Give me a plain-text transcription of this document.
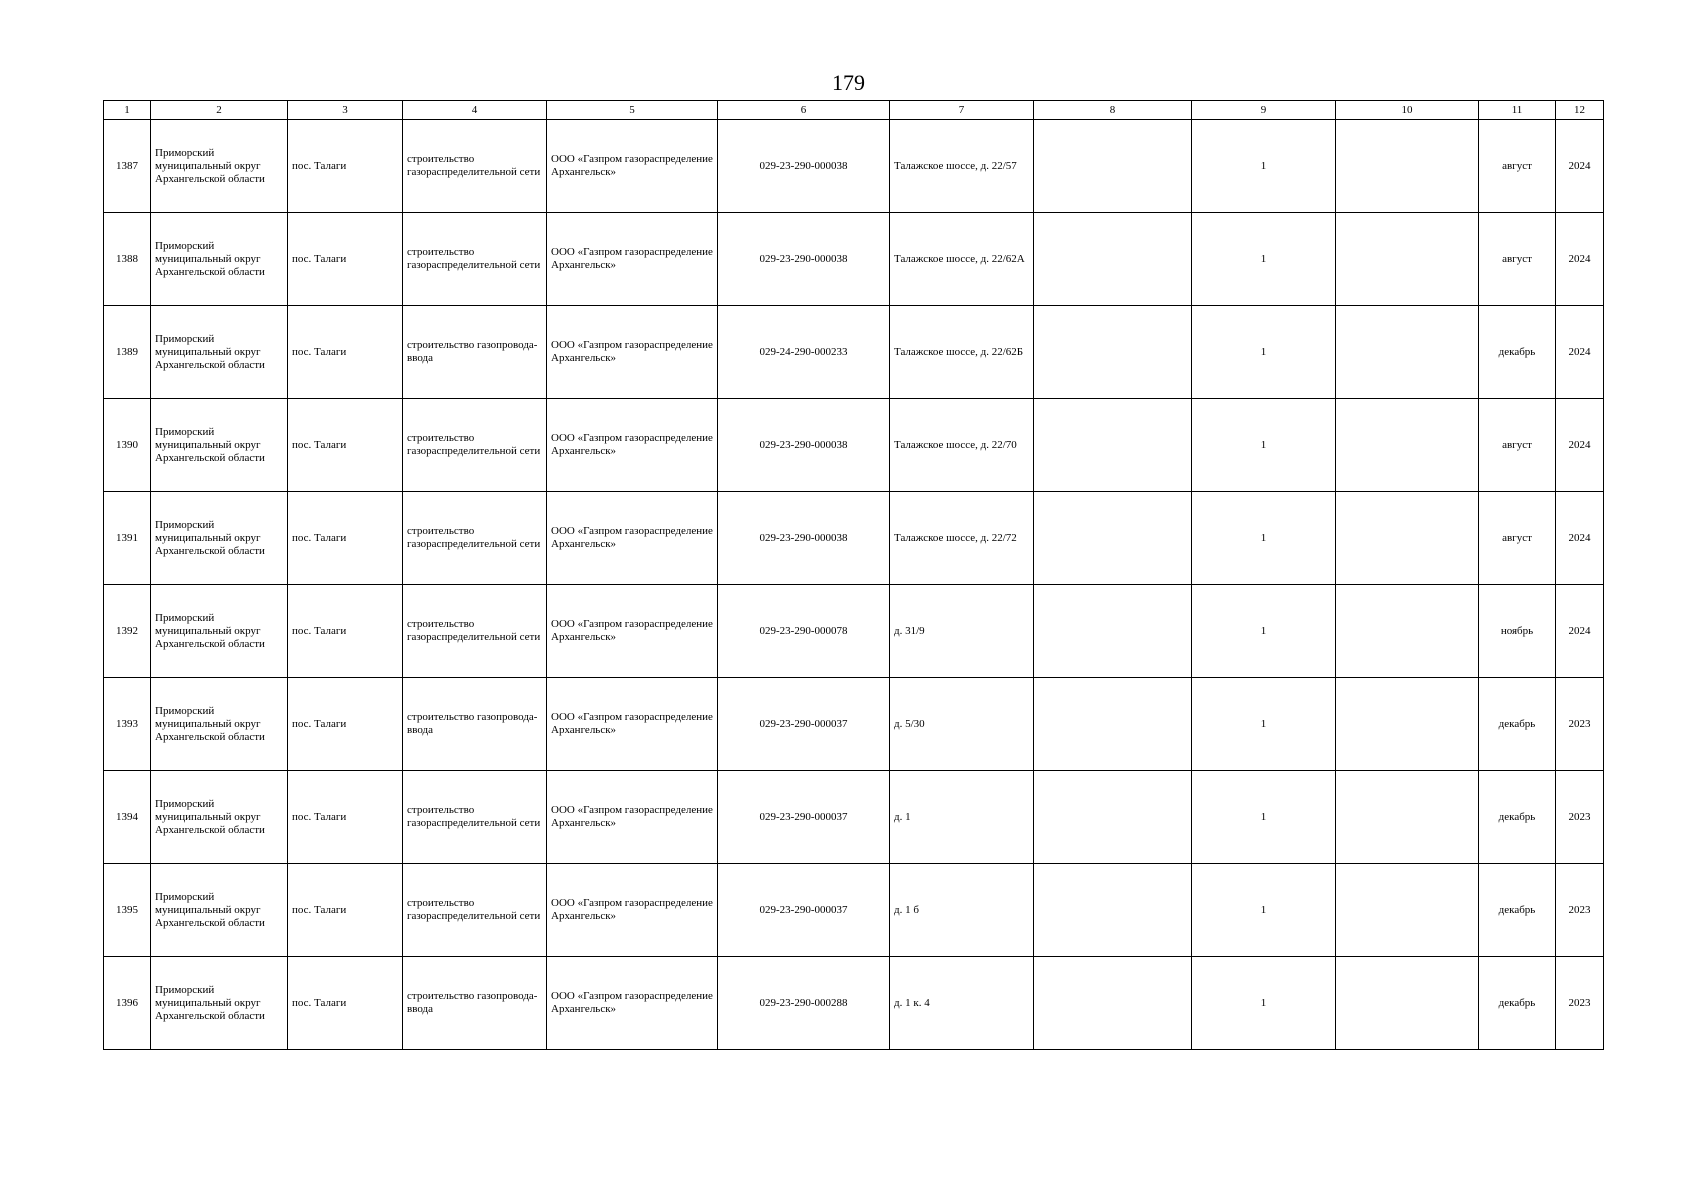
179
1	2	3	4	5	6	7	8	9	10	11	12
1387	Приморский муниципальный округ Архангельской области	пос. Талаги	строительство газораспределительной сети	ООО «Газпром газораспределение Архангельск»	029-23-290-000038	Талажское шоссе, д. 22/57		1		август	2024
1388	Приморский муниципальный округ Архангельской области	пос. Талаги	строительство газораспределительной сети	ООО «Газпром газораспределение Архангельск»	029-23-290-000038	Талажское шоссе, д. 22/62А		1		август	2024
1389	Приморский муниципальный округ Архангельской области	пос. Талаги	строительство газопровода-ввода	ООО «Газпром газораспределение Архангельск»	029-24-290-000233	Талажское шоссе, д. 22/62Б		1		декабрь	2024
1390	Приморский муниципальный округ Архангельской области	пос. Талаги	строительство газораспределительной сети	ООО «Газпром газораспределение Архангельск»	029-23-290-000038	Талажское шоссе, д. 22/70		1		август	2024
1391	Приморский муниципальный округ Архангельской области	пос. Талаги	строительство газораспределительной сети	ООО «Газпром газораспределение Архангельск»	029-23-290-000038	Талажское шоссе, д. 22/72		1		август	2024
1392	Приморский муниципальный округ Архангельской области	пос. Талаги	строительство газораспределительной сети	ООО «Газпром газораспределение Архангельск»	029-23-290-000078	д. 31/9		1		ноябрь	2024
1393	Приморский муниципальный округ Архангельской области	пос. Талаги	строительство газопровода-ввода	ООО «Газпром газораспределение Архангельск»	029-23-290-000037	д. 5/30		1		декабрь	2023
1394	Приморский муниципальный округ Архангельской области	пос. Талаги	строительство газораспределительной сети	ООО «Газпром газораспределение Архангельск»	029-23-290-000037	д. 1		1		декабрь	2023
1395	Приморский муниципальный округ Архангельской области	пос. Талаги	строительство газораспределительной сети	ООО «Газпром газораспределение Архангельск»	029-23-290-000037	д. 1 б		1		декабрь	2023
1396	Приморский муниципальный округ Архангельской области	пос. Талаги	строительство газопровода-ввода	ООО «Газпром газораспределение Архангельск»	029-23-290-000288	д. 1 к. 4		1		декабрь	2023
